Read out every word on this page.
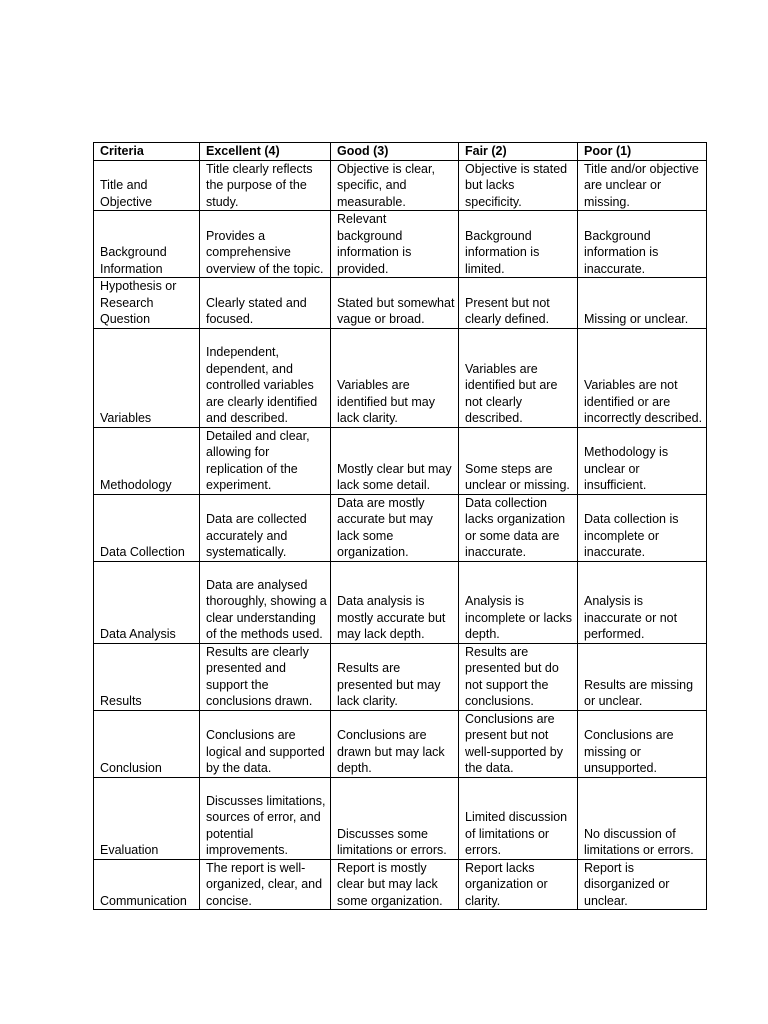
Criteria	Excellent (4)	Good (3)	Fair (2)	Poor (1)
Title and Objective	Title clearly reflects the purpose of the study.	Objective is clear, specific, and measurable.	Objective is stated but lacks specificity.	Title and/or objective are unclear or missing.
Background Information	Provides a comprehensive overview of the topic.	Relevant background information is provided.	Background information is limited.	Background information is inaccurate.
Hypothesis or Research Question	Clearly stated and focused.	Stated but somewhat vague or broad.	Present but not clearly defined.	Missing or unclear.
Variables	Independent, dependent, and controlled variables are clearly identified and described.	Variables are identified but may lack clarity.	Variables are identified but are not clearly described.	Variables are not identified or are incorrectly described.
Methodology	Detailed and clear, allowing for replication of the experiment.	Mostly clear but may lack some detail.	Some steps are unclear or missing.	Methodology is unclear or insufficient.
Data Collection	Data are collected accurately and systematically.	Data are mostly accurate but may lack some organization.	Data collection lacks organization or some data are inaccurate.	Data collection is incomplete or inaccurate.
Data Analysis	Data are analysed thoroughly, showing a clear understanding of the methods used.	Data analysis is mostly accurate but may lack depth.	Analysis is incomplete or lacks depth.	Analysis is inaccurate or not performed.
Results	Results are clearly presented and support the conclusions drawn.	Results are presented but may lack clarity.	Results are presented but do not support the conclusions.	Results are missing or unclear.
Conclusion	Conclusions are logical and supported by the data.	Conclusions are drawn but may lack depth.	Conclusions are present but not well-supported by the data.	Conclusions are missing or unsupported.
Evaluation	Discusses limitations, sources of error, and potential improvements.	Discusses some limitations or errors.	Limited discussion of limitations or errors.	No discussion of limitations or errors.
Communication	The report is well-organized, clear, and concise.	Report is mostly clear but may lack some organization.	Report lacks organization or clarity.	Report is disorganized or unclear.
